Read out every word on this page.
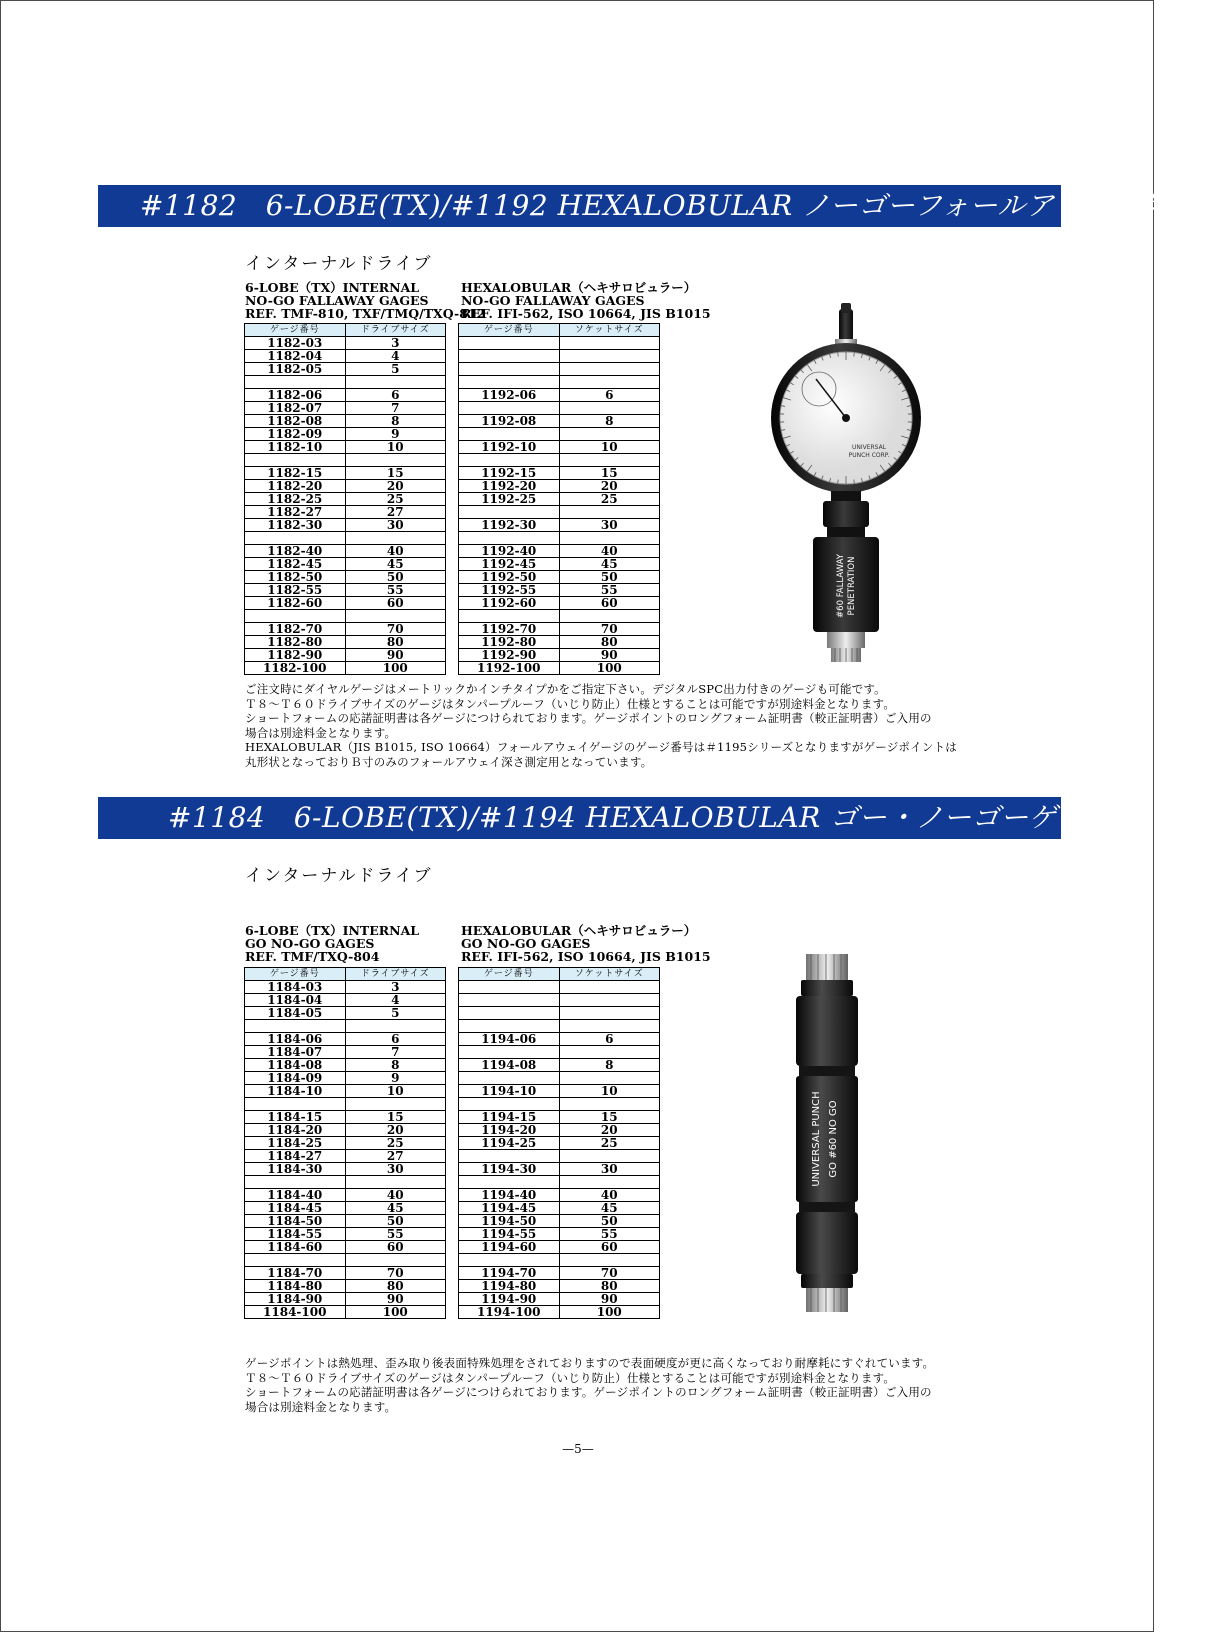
#1182　6-LOBE(TX)/#1192 HEXALOBULAR ノーゴーフォールアウェイゲージ
インターナルドライブ
6-LOBE（TX）INTERNAL
NO-GO FALLAWAY GAGES
REF. TMF-810, TXF/TMQ/TXQ-812
HEXALOBULAR（ヘキサロビュラー）
NO-GO FALLAWAY GAGES
REF. IFI-562, ISO 10664, JIS B1015
ゲージ番号	ドライブサイズ
1182-03	3
1182-04	4
1182-05	5

1182-06	6
1182-07	7
1182-08	8
1182-09	9
1182-10	10

1182-15	15
1182-20	20
1182-25	25
1182-27	27
1182-30	30

1182-40	40
1182-45	45
1182-50	50
1182-55	55
1182-60	60

1182-70	70
1182-80	80
1182-90	90
1182-100	100
ゲージ番号	ソケットサイズ

1192-06	6

1192-08	8

1192-10	10

1192-15	15
1192-20	20
1192-25	25

1192-30	30

1192-40	40
1192-45	45
1192-50	50
1192-55	55
1192-60	60

1192-70	70
1192-80	80
1192-90	90
1192-100	100
UNIVERSAL
PUNCH CORP.
#60 FALLAWAY PENETRATION
ご注文時にダイヤルゲージはメートリックかインチタイプかをご指定下さい。デジタルSPC出力付きのゲージも可能です。
Ｔ８～Ｔ６０ドライブサイズのゲージはタンパープルーフ（いじり防止）仕様とすることは可能ですが別途料金となります。
ショートフォームの応諾証明書は各ゲージにつけられております。ゲージポイントのロングフォーム証明書（較正証明書）ご入用の
場合は別途料金となります。
HEXALOBULAR（JIS B1015, ISO 10664）フォールアウェイゲージのゲージ番号は＃1195シリーズとなりますがゲージポイントは
丸形状となっておりＢ寸のみのフォールアウェイ深さ測定用となっています。
#1184　6-LOBE(TX)/#1194 HEXALOBULAR ゴー・ノーゴーゲージ
インターナルドライブ
6-LOBE（TX）INTERNAL
GO NO-GO GAGES
REF. TMF/TXQ-804
HEXALOBULAR（ヘキサロビュラー）
GO NO-GO GAGES
REF. IFI-562, ISO 10664, JIS B1015
ゲージ番号	ドライブサイズ
1184-03	3
1184-04	4
1184-05	5

1184-06	6
1184-07	7
1184-08	8
1184-09	9
1184-10	10

1184-15	15
1184-20	20
1184-25	25
1184-27	27
1184-30	30

1184-40	40
1184-45	45
1184-50	50
1184-55	55
1184-60	60

1184-70	70
1184-80	80
1184-90	90
1184-100	100
ゲージ番号	ソケットサイズ

1194-06	6

1194-08	8

1194-10	10

1194-15	15
1194-20	20
1194-25	25

1194-30	30

1194-40	40
1194-45	45
1194-50	50
1194-55	55
1194-60	60

1194-70	70
1194-80	80
1194-90	90
1194-100	100
UNIVERSAL PUNCH GO #60 NO GO
ゲージポイントは熱処理、歪み取り後表面特殊処理をされておりますので表面硬度が更に高くなっており耐摩耗にすぐれています。
Ｔ８～Ｔ６０ドライブサイズのゲージはタンパープルーフ（いじり防止）仕様とすることは可能ですが別途料金となります。
ショートフォームの応諾証明書は各ゲージにつけられております。ゲージポイントのロングフォーム証明書（較正証明書）ご入用の
場合は別途料金となります。
—5—
